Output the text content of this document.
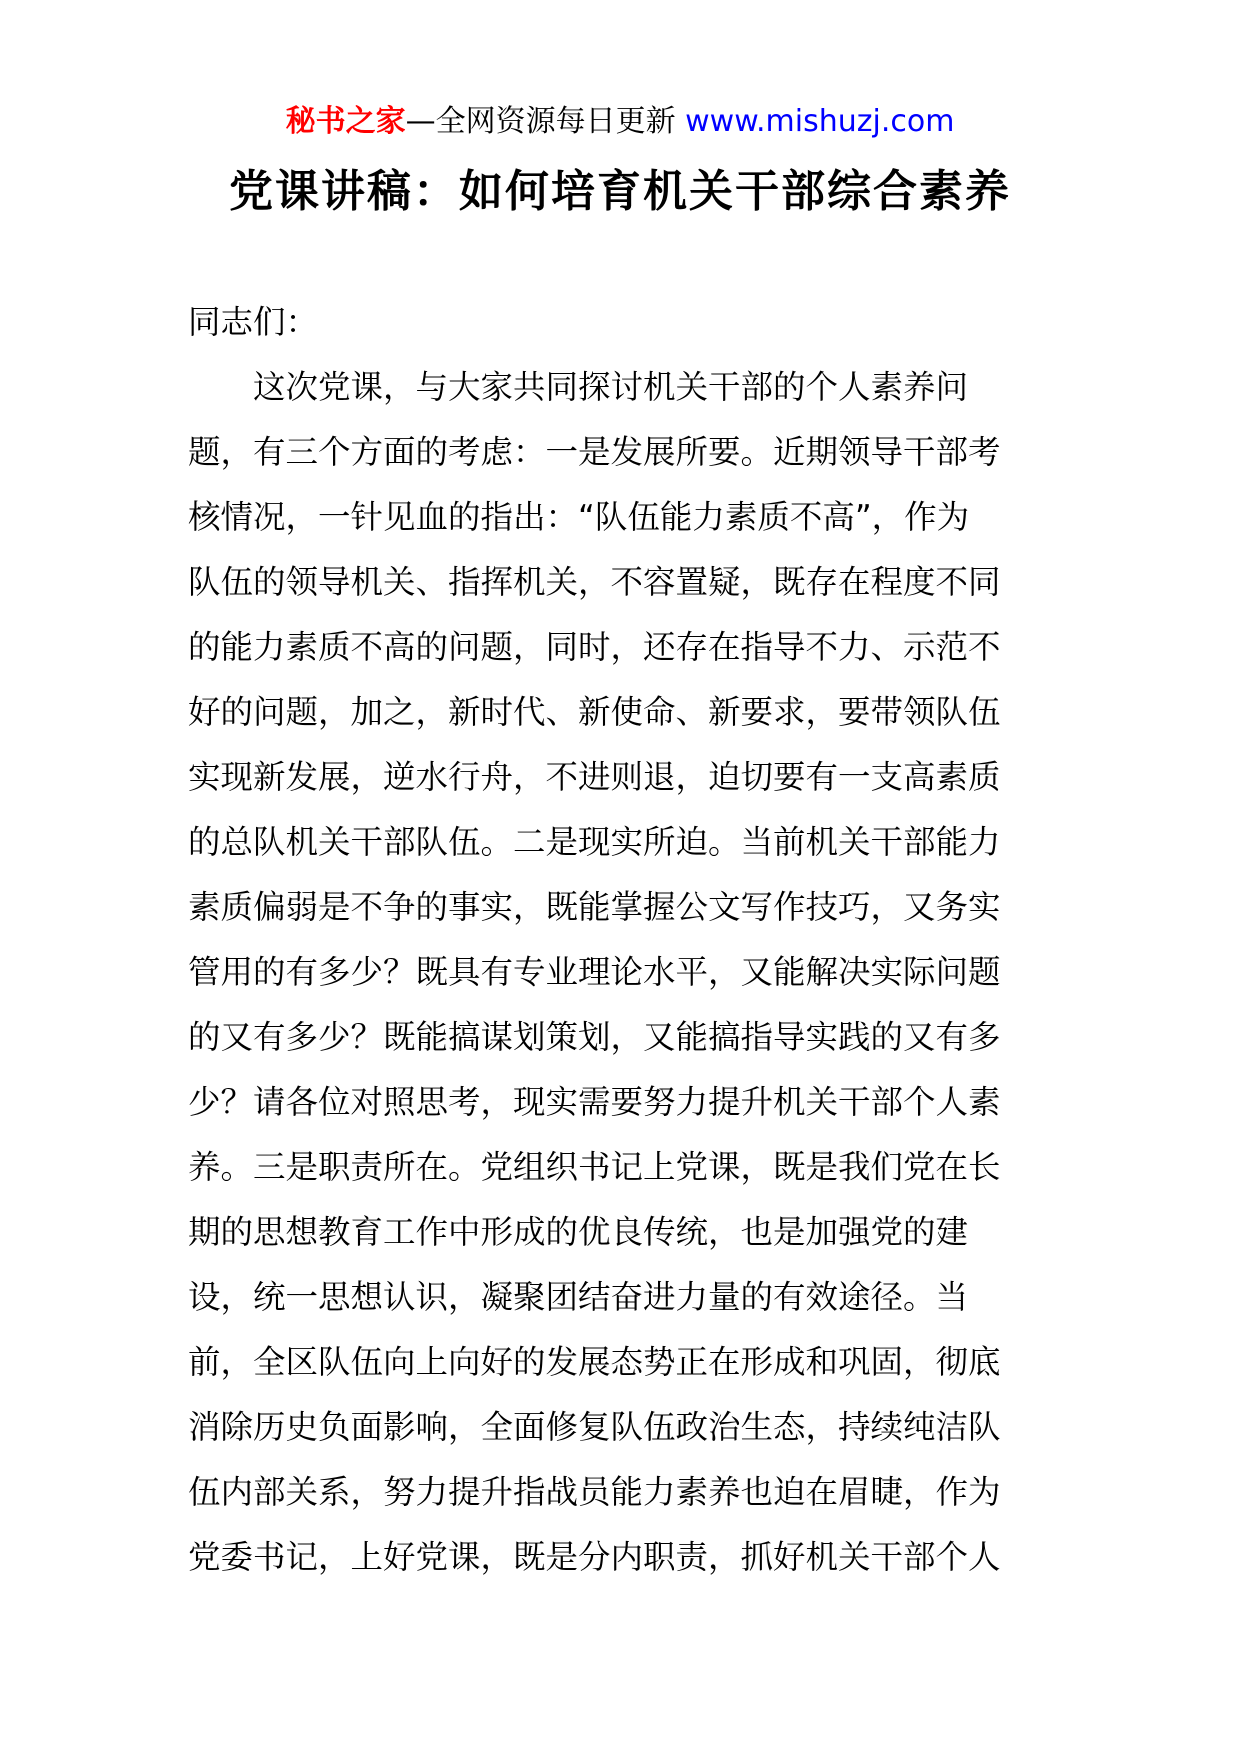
秘书之家—全网资源每日更新 www.mishuzj.com
党课讲稿：如何培育机关干部综合素养

同志们：

这次党课，与大家共同探讨机关干部的个人素养问

题，有三个方面的考虑：一是发展所要。近期领导干部考

核情况，一针见血的指出：“队伍能力素质不高”，作为

队伍的领导机关、指挥机关，不容置疑，既存在程度不同

的能力素质不高的问题，同时，还存在指导不力、示范不

好的问题，加之，新时代、新使命、新要求，要带领队伍

实现新发展，逆水行舟，不进则退，迫切要有一支高素质

的总队机关干部队伍。二是现实所迫。当前机关干部能力

素质偏弱是不争的事实，既能掌握公文写作技巧，又务实

管用的有多少？既具有专业理论水平，又能解决实际问题

的又有多少？既能搞谋划策划，又能搞指导实践的又有多

少？请各位对照思考，现实需要努力提升机关干部个人素

养。三是职责所在。党组织书记上党课，既是我们党在长

期的思想教育工作中形成的优良传统，也是加强党的建

设，统一思想认识，凝聚团结奋进力量的有效途径。当

前，全区队伍向上向好的发展态势正在形成和巩固，彻底

消除历史负面影响，全面修复队伍政治生态，持续纯洁队

伍内部关系，努力提升指战员能力素养也迫在眉睫，作为

党委书记，上好党课，既是分内职责，抓好机关干部个人
